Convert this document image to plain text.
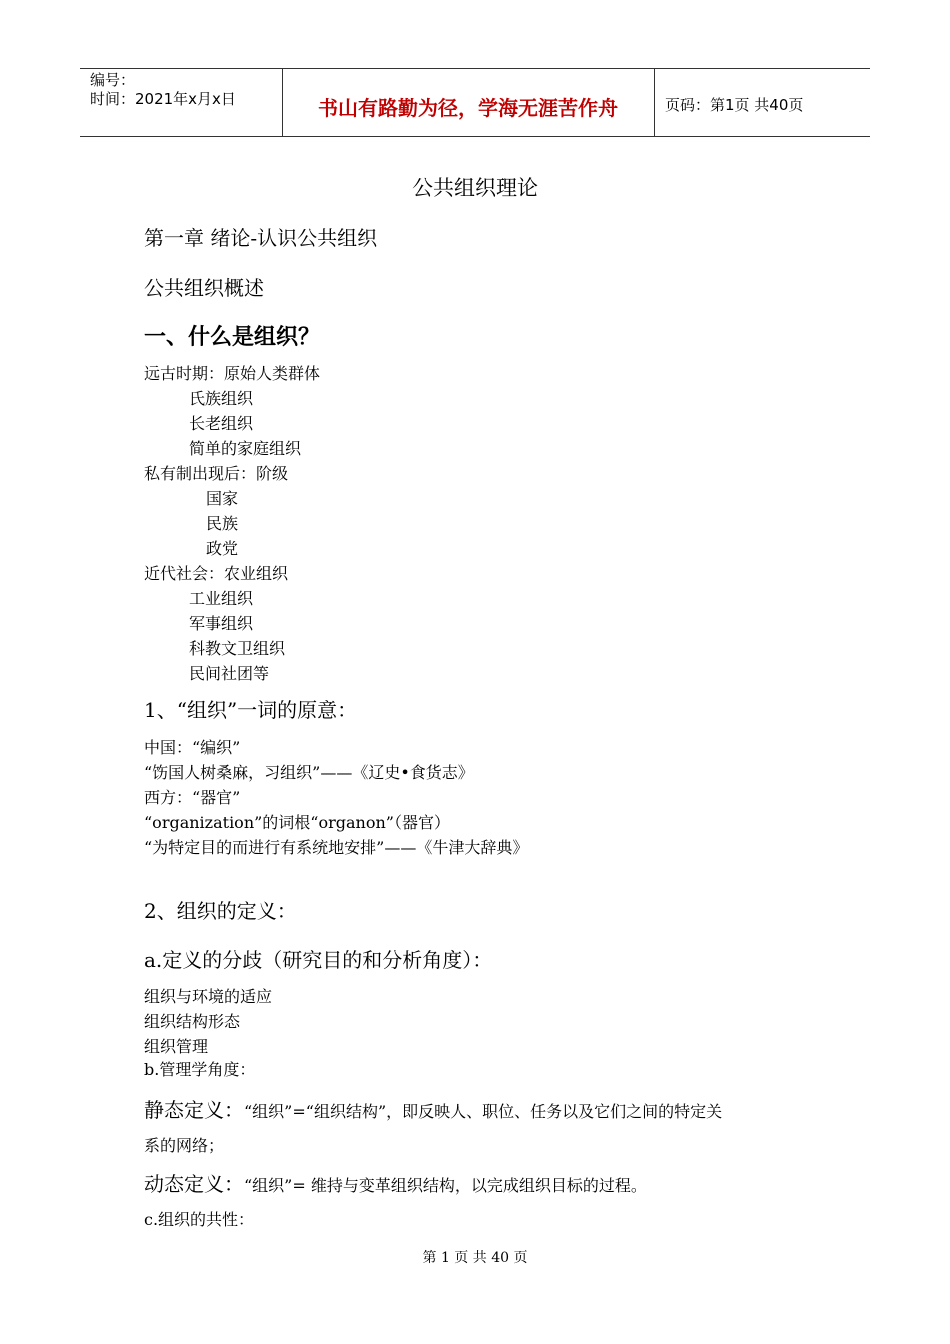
编号：
时间：2021年x月x日	书山有路勤为径，学海无涯苦作舟	页码：第1页 共40页
公共组织理论
第一章 绪论-认识公共组织
公共组织概述
一、什么是组织？
远古时期：原始人类群体
氏族组织
长老组织
简单的家庭组织
私有制出现后：阶级
国家
民族
政党
近代社会：农业组织
工业组织
军事组织
科教文卫组织
民间社团等
1、“组织”一词的原意：
中国：“编织”
“饬国人树桑麻，习组织”——《辽史•食货志》
西方：“器官”
“organization”的词根“organon”（器官）
“为特定目的而进行有系统地安排”——《牛津大辞典》
2、组织的定义：
a.定义的分歧（研究目的和分析角度）：
组织与环境的适应
组织结构形态
组织管理
b.管理学角度：
静态定义：“组织”=“组织结构”，即反映人、职位、任务以及它们之间的特定关
系的网络；
动态定义：“组织”= 维持与变革组织结构，以完成组织目标的过程。
c.组织的共性：
第 1 页 共 40 页
